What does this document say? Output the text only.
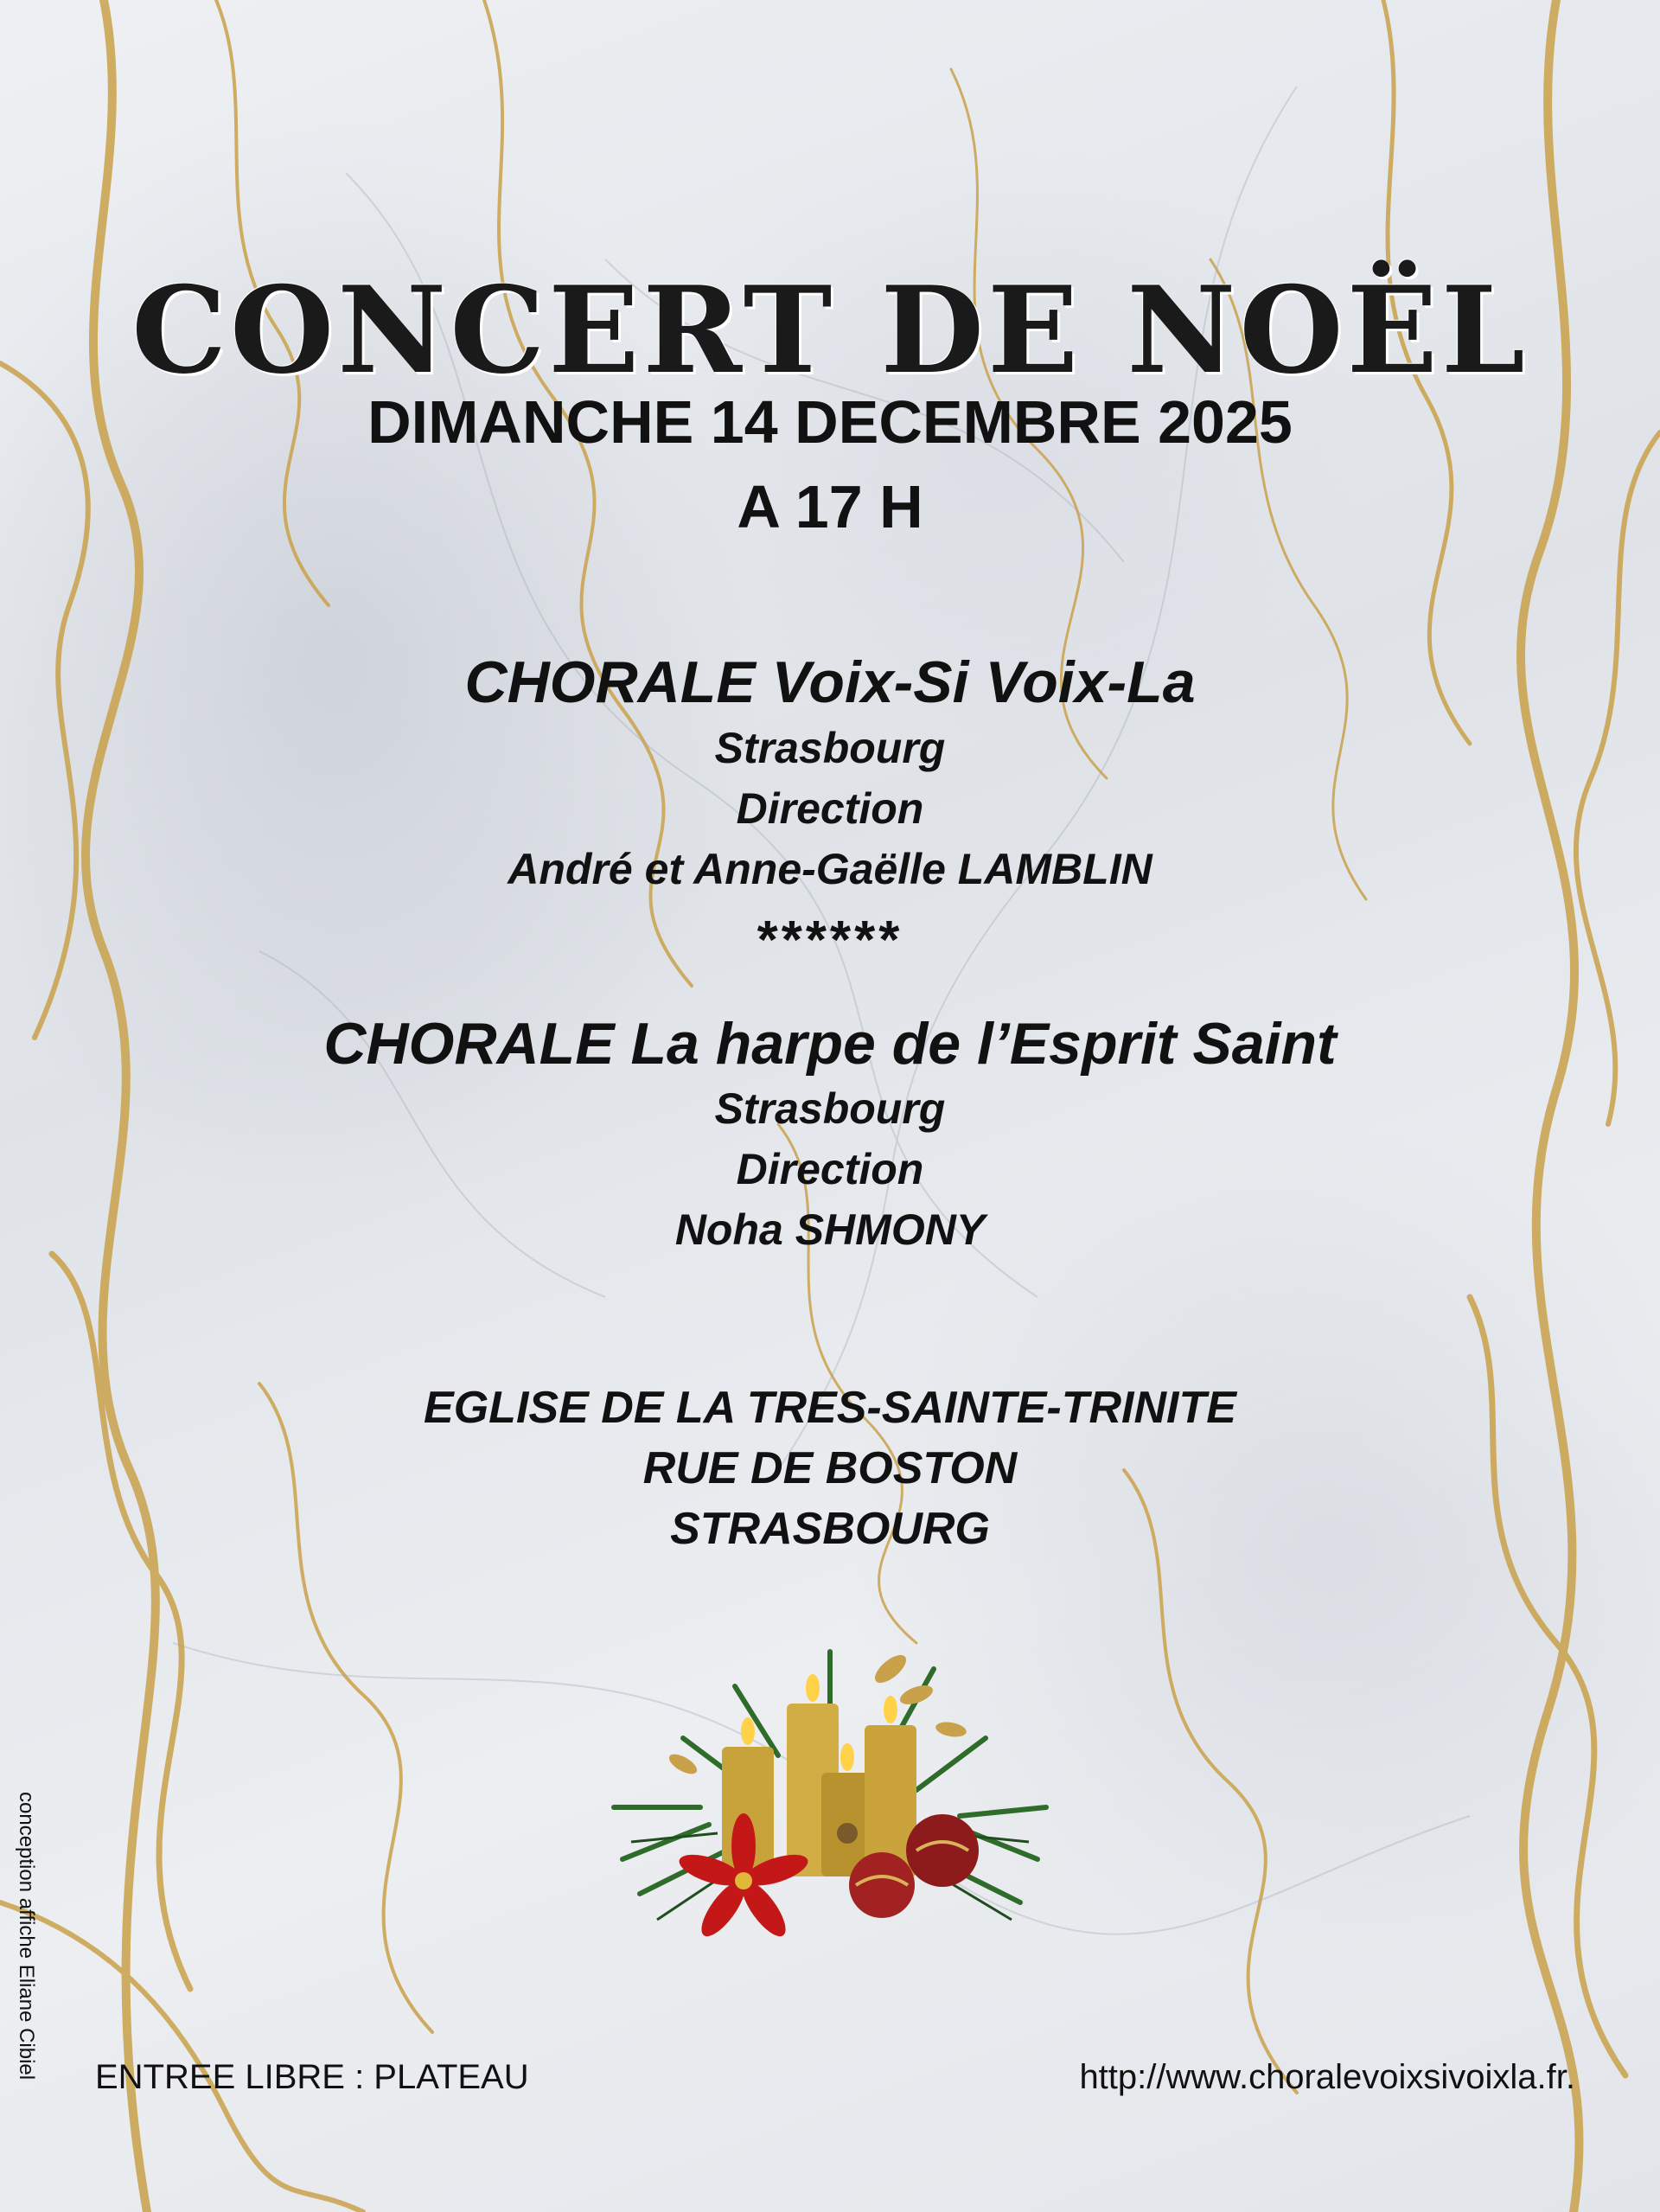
CONCERT DE NOËL
DIMANCHE 14 DECEMBRE 2025
A 17 H
CHORALE Voix-Si Voix-La
Strasbourg
Direction
André et Anne-Gaëlle LAMBLIN
******
CHORALE La harpe de l’Esprit Saint
Strasbourg
Direction
Noha SHMONY
EGLISE DE LA TRES-SAINTE-TRINITE
RUE DE BOSTON
STRASBOURG
ENTREE LIBRE : PLATEAU	http://www.choralevoixsivoixla.fr.
conception affiche Eliane Cibiel
